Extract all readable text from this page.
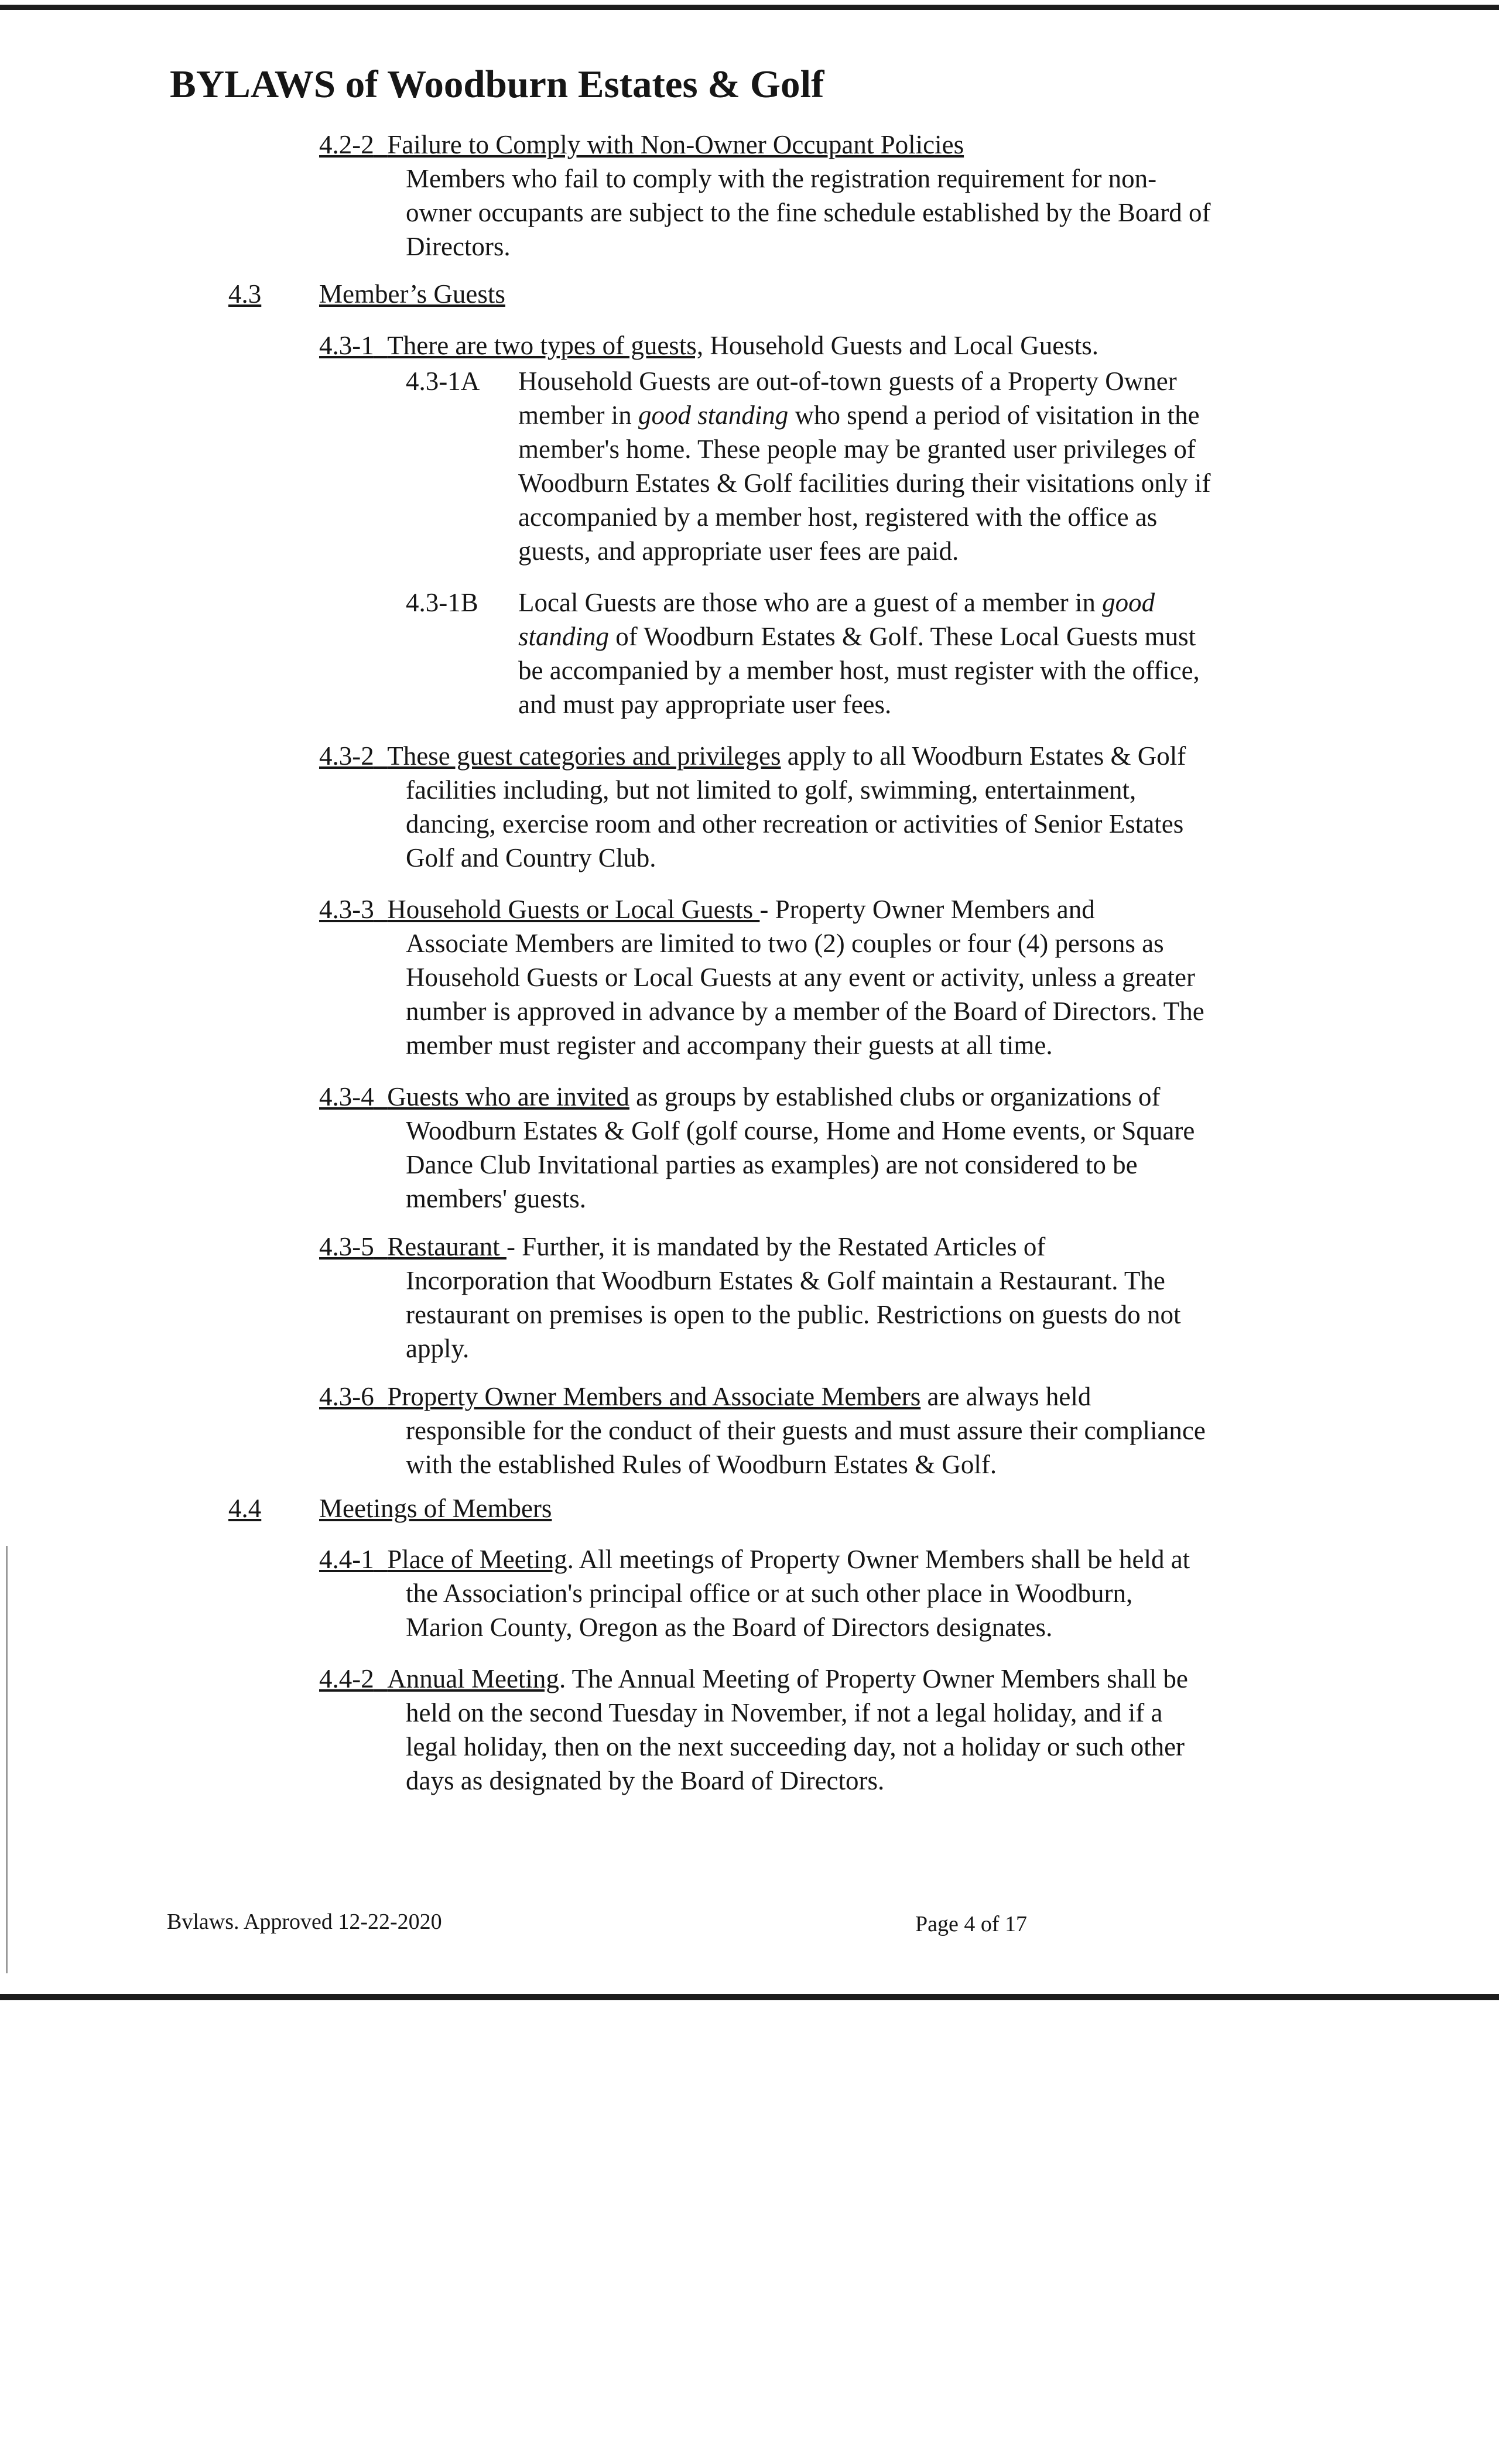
BYLAWS of Woodburn Estates & Golf
4.2-2 Failure to Comply with Non-Owner Occupant Policies
Members who fail to comply with the registration requirement for non-
owner occupants are subject to the fine schedule established by the Board of
Directors.
4.3 Member’s Guests
4.3-1 There are two types of guests, Household Guests and Local Guests.
4.3-1A Household Guests are out-of-town guests of a Property Owner
member in good standing who spend a period of visitation in the
member's home. These people may be granted user privileges of
Woodburn Estates & Golf facilities during their visitations only if
accompanied by a member host, registered with the office as
guests, and appropriate user fees are paid.
4.3-1B Local Guests are those who are a guest of a member in good
standing of Woodburn Estates & Golf. These Local Guests must
be accompanied by a member host, must register with the office,
and must pay appropriate user fees.
4.3-2 These guest categories and privileges apply to all Woodburn Estates & Golf
facilities including, but not limited to golf, swimming, entertainment,
dancing, exercise room and other recreation or activities of Senior Estates
Golf and Country Club.
4.3-3 Household Guests or Local Guests - Property Owner Members and
Associate Members are limited to two (2) couples or four (4) persons as
Household Guests or Local Guests at any event or activity, unless a greater
number is approved in advance by a member of the Board of Directors. The
member must register and accompany their guests at all time.
4.3-4 Guests who are invited as groups by established clubs or organizations of
Woodburn Estates & Golf (golf course, Home and Home events, or Square
Dance Club Invitational parties as examples) are not considered to be
members' guests.
4.3-5 Restaurant - Further, it is mandated by the Restated Articles of
Incorporation that Woodburn Estates & Golf maintain a Restaurant. The
restaurant on premises is open to the public. Restrictions on guests do not
apply.
4.3-6 Property Owner Members and Associate Members are always held
responsible for the conduct of their guests and must assure their compliance
with the established Rules of Woodburn Estates & Golf.
4.4 Meetings of Members
4.4-1 Place of Meeting. All meetings of Property Owner Members shall be held at
the Association's principal office or at such other place in Woodburn,
Marion County, Oregon as the Board of Directors designates.
4.4-2 Annual Meeting. The Annual Meeting of Property Owner Members shall be
held on the second Tuesday in November, if not a legal holiday, and if a
legal holiday, then on the next succeeding day, not a holiday or such other
days as designated by the Board of Directors.
Bvlaws. Approved 12-22-2020	Page 4 of 17
